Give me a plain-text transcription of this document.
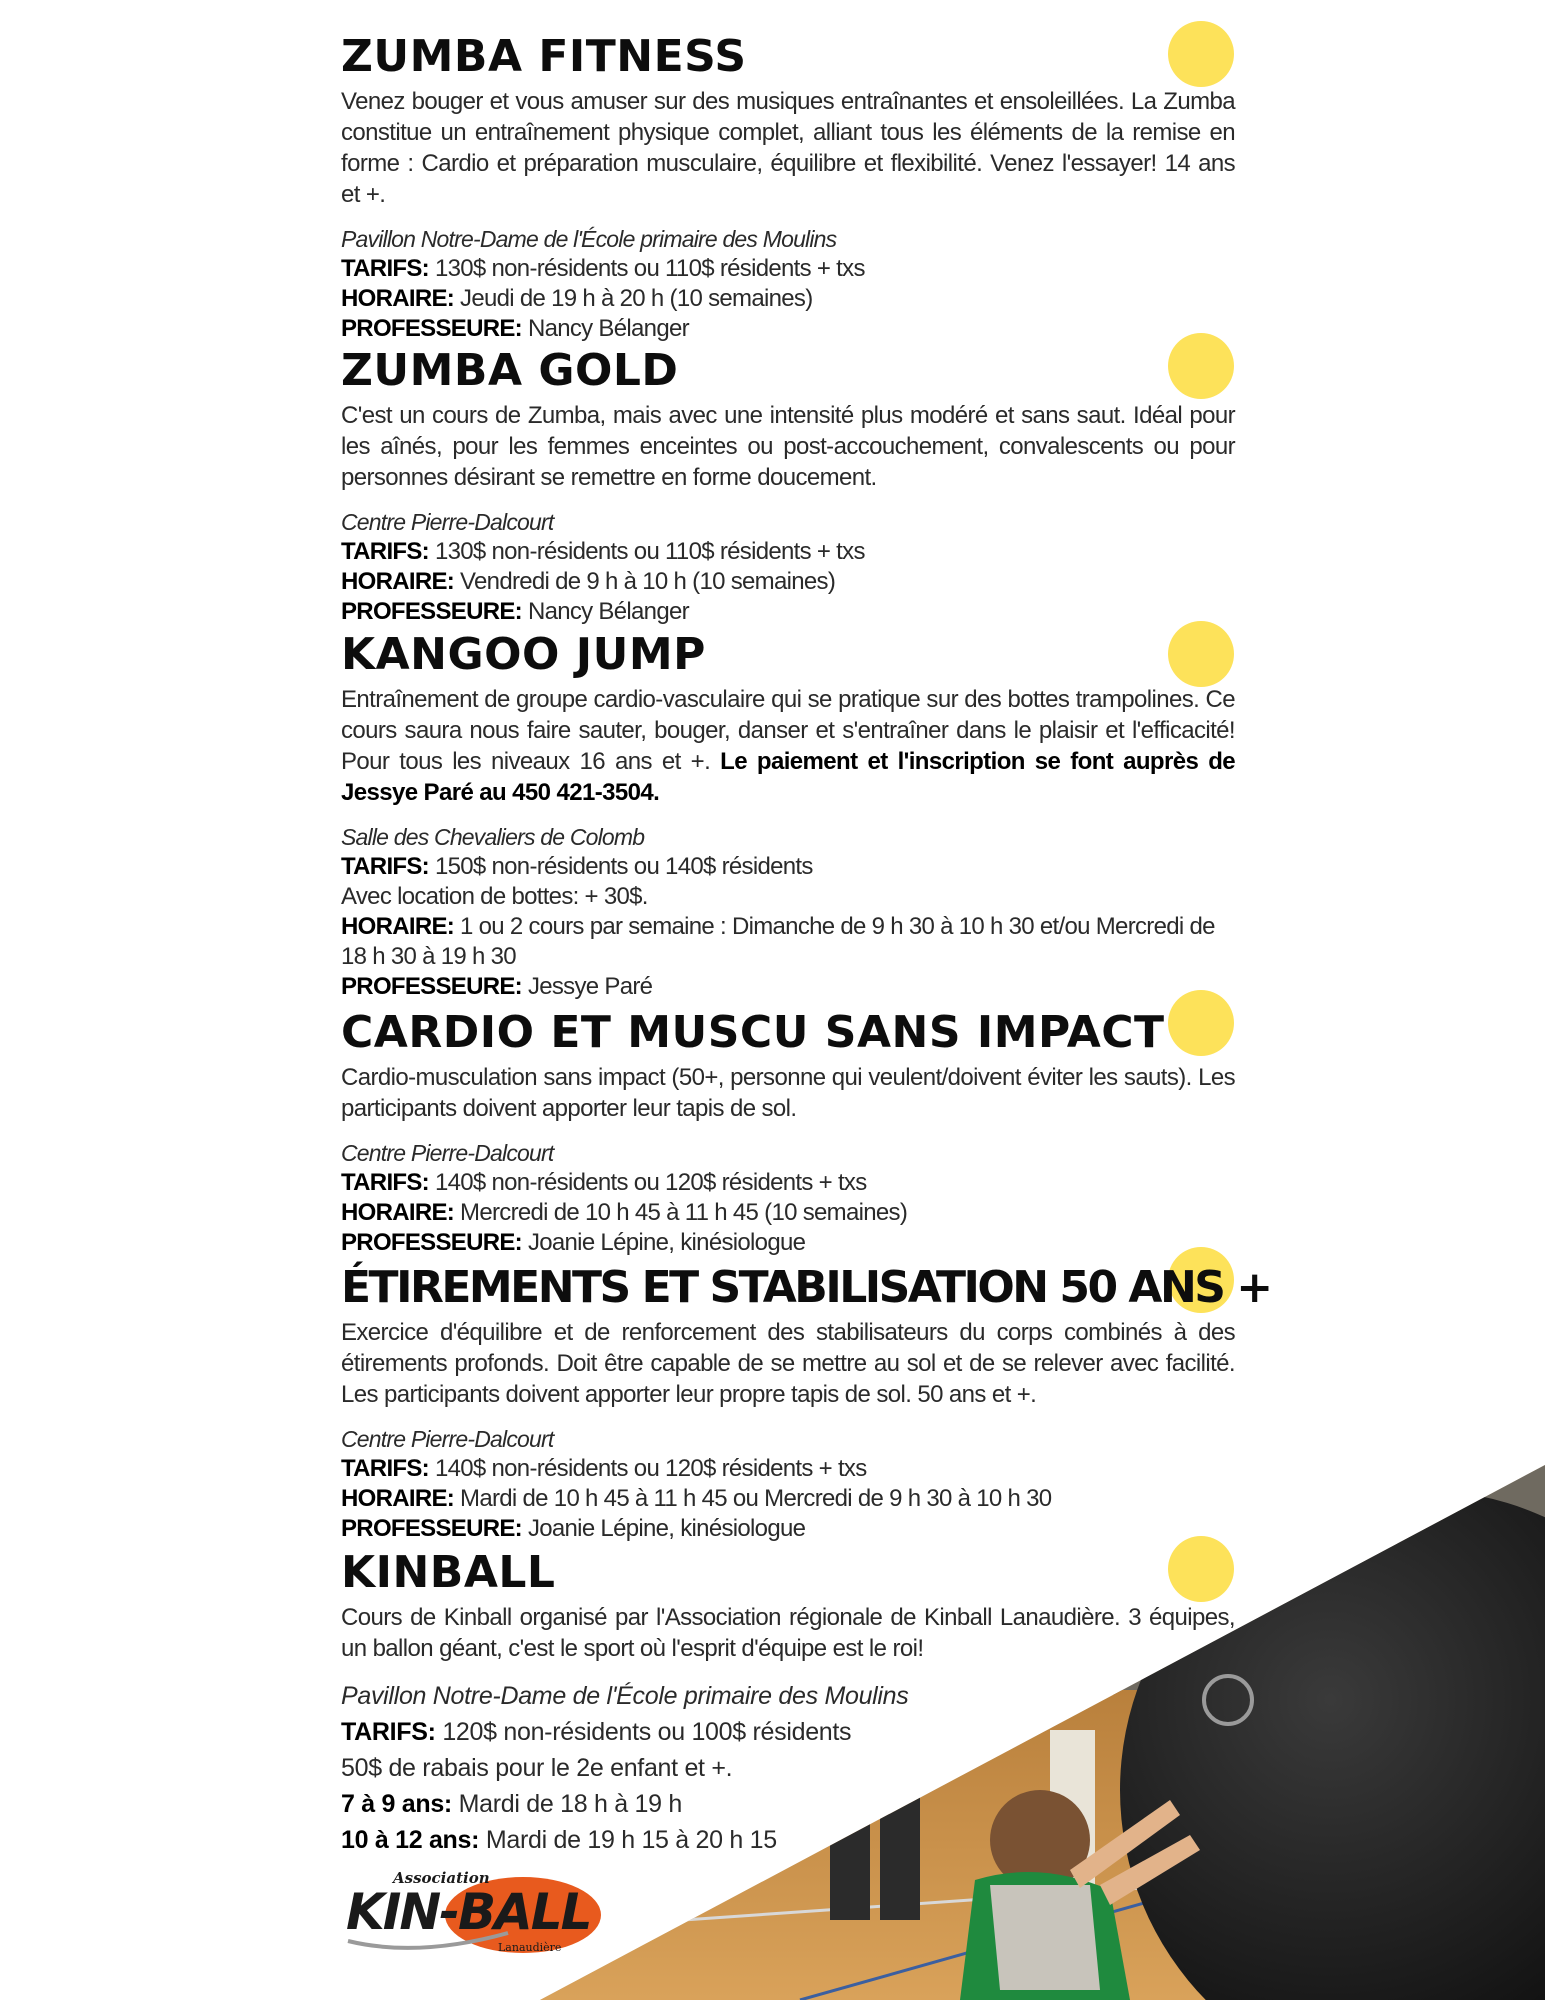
ZUMBA FITNESS

Venez bouger et vous amuser sur des musiques entraînantes et ensoleillées. La Zumba constitue un entraînement physique complet, alliant tous les éléments de la remise en forme : Cardio et préparation musculaire, équilibre et flexibilité. Venez l'essayer! 14 ans et +.

Pavillon Notre-Dame de l'École primaire des Moulins
TARIFS: 130$ non-résidents ou 110$ résidents + txs
HORAIRE: Jeudi de 19 h à 20 h (10 semaines)
PROFESSEURE: Nancy Bélanger
ZUMBA GOLD

C'est un cours de Zumba, mais avec une intensité plus modéré et sans saut. Idéal pour les aînés, pour les femmes enceintes ou post-accouchement, convalescents ou pour personnes désirant se remettre en forme doucement.

Centre Pierre-Dalcourt
TARIFS: 130$ non-résidents ou 110$ résidents + txs
HORAIRE: Vendredi de 9 h à 10 h (10 semaines)
PROFESSEURE: Nancy Bélanger
KANGOO JUMP

Entraînement de groupe cardio-vasculaire qui se pratique sur des bottes trampolines. Ce cours saura nous faire sauter, bouger, danser et s'entraîner dans le plaisir et l'efficacité! Pour tous les niveaux 16 ans et +. Le paiement et l'inscription se font auprès de Jessye Paré au 450 421-3504.

Salle des Chevaliers de Colomb
TARIFS: 150$ non-résidents ou 140$ résidents
Avec location de bottes: + 30$.
HORAIRE: 1 ou 2 cours par semaine : Dimanche de 9 h 30 à 10 h 30 et/ou Mercredi de 18 h 30 à 19 h 30
PROFESSEURE: Jessye Paré
CARDIO ET MUSCU SANS IMPACT

Cardio-musculation sans impact (50+, personne qui veulent/doivent éviter les sauts). Les participants doivent apporter leur tapis de sol.

Centre Pierre-Dalcourt
TARIFS: 140$ non-résidents ou 120$ résidents + txs
HORAIRE: Mercredi de 10 h 45 à 11 h 45 (10 semaines)
PROFESSEURE: Joanie Lépine, kinésiologue
ÉTIREMENTS ET STABILISATION 50 ANS +

Exercice d'équilibre et de renforcement des stabilisateurs du corps combinés à des étirements profonds. Doit être capable de se mettre au sol et de se relever avec facilité. Les participants doivent apporter leur propre tapis de sol. 50 ans et +.

Centre Pierre-Dalcourt
TARIFS: 140$ non-résidents ou 120$ résidents + txs
HORAIRE: Mardi de 10 h 45 à 11 h 45 ou Mercredi de 9 h 30 à 10 h 30
PROFESSEURE: Joanie Lépine, kinésiologue
KINBALL

Cours de Kinball organisé par l'Association régionale de Kinball Lanaudière. 3 équipes, un ballon géant, c'est le sport où l'esprit d'équipe est le roi!

Pavillon Notre-Dame de l'École primaire des Moulins
TARIFS: 120$ non-résidents ou 100$ résidents
50$ de rabais pour le 2e enfant et +.
7 à 9 ans: Mardi de 18 h à 19 h
10 à 12 ans: Mardi de 19 h 15 à 20 h 15
Association
KIN-BALL
Lanaudière
